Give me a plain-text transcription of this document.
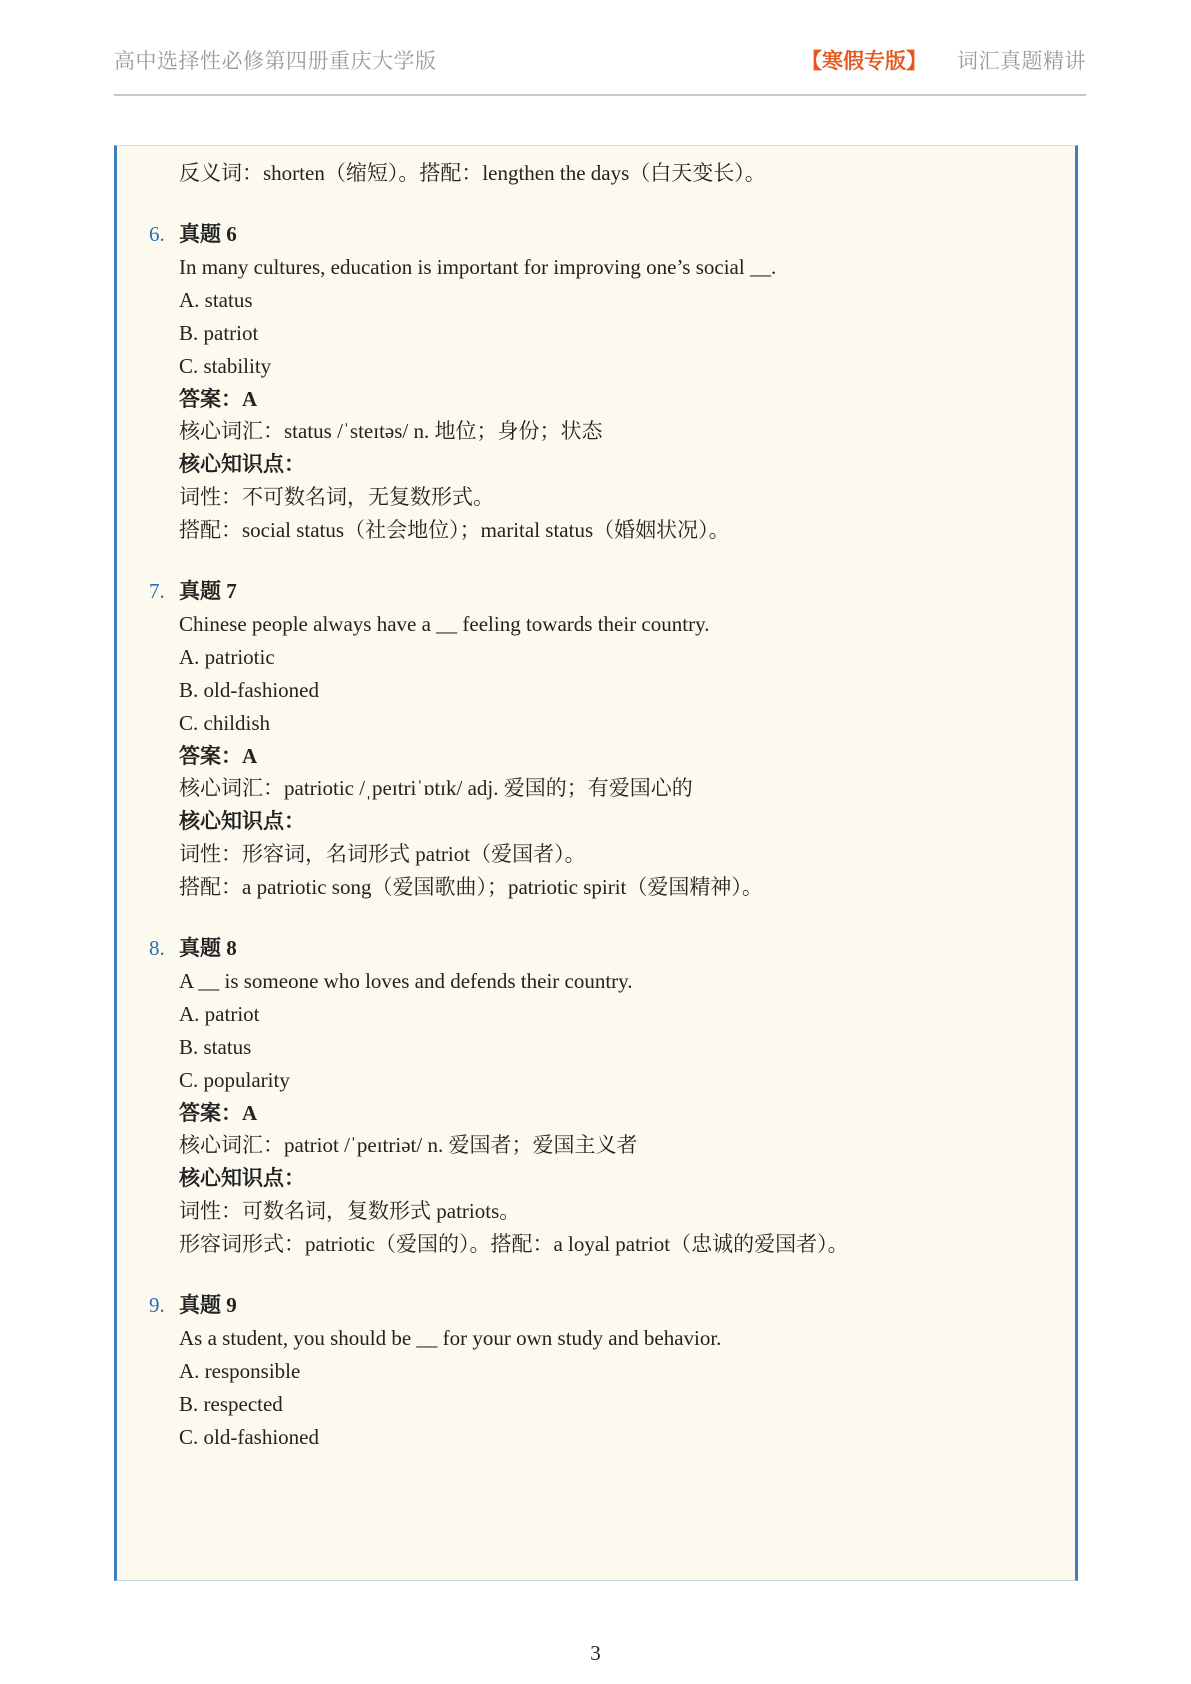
高中选择性必修第四册重庆大学版	【寒假专版】 词汇真题精讲
反义词：shorten（缩短）。搭配：lengthen the days（白天变长）。
6. 真题 6
In many cultures, education is important for improving one’s social __.
A. status
B. patriot
C. stability
答案：A
核心词汇：status /ˈsteɪtəs/ n. 地位；身份；状态
核心知识点：
词性：不可数名词，无复数形式。
搭配：social status（社会地位）；marital status（婚姻状况）。
7. 真题 7
Chinese people always have a __ feeling towards their country.
A. patriotic
B. old-fashioned
C. childish
答案：A
核心词汇：patriotic /ˌpeɪtriˈɒtɪk/ adj. 爱国的；有爱国心的
核心知识点：
词性：形容词，名词形式 patriot（爱国者）。
搭配：a patriotic song（爱国歌曲）；patriotic spirit（爱国精神）。
8. 真题 8
A __ is someone who loves and defends their country.
A. patriot
B. status
C. popularity
答案：A
核心词汇：patriot /ˈpeɪtriət/ n. 爱国者；爱国主义者
核心知识点：
词性：可数名词，复数形式 patriots。
形容词形式：patriotic（爱国的）。搭配：a loyal patriot（忠诚的爱国者）。
9. 真题 9
As a student, you should be __ for your own study and behavior.
A. responsible
B. respected
C. old-fashioned
3
